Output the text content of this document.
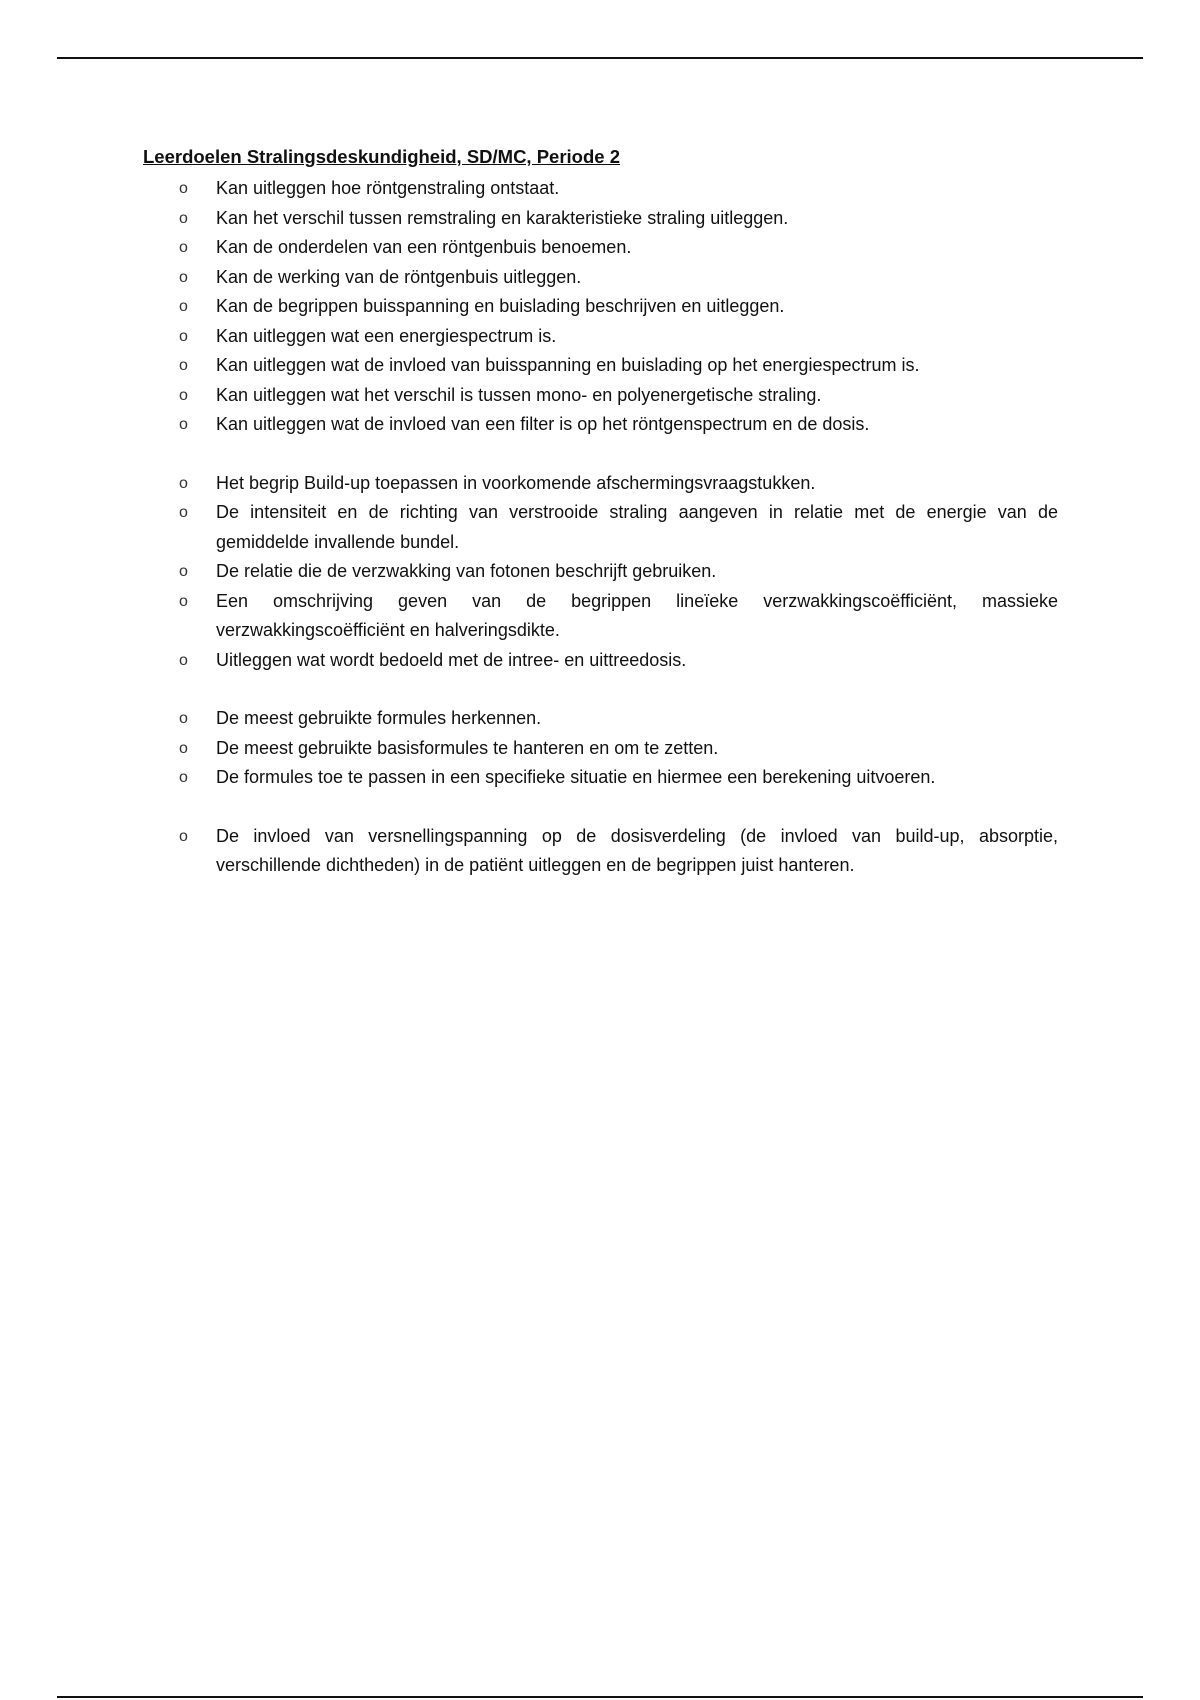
Leerdoelen Stralingsdeskundigheid, SD/MC, Periode 2
o Kan uitleggen hoe röntgenstraling ontstaat.
o Kan het verschil tussen remstraling en karakteristieke straling uitleggen.
o Kan de onderdelen van een röntgenbuis benoemen.
o Kan de werking van de röntgenbuis uitleggen.
o Kan de begrippen buisspanning en buislading beschrijven en uitleggen.
o Kan uitleggen wat een energiespectrum is.
o Kan uitleggen wat de invloed van buisspanning en buislading op het energiespectrum is.
o Kan uitleggen wat het verschil is tussen mono- en polyenergetische straling.
o Kan uitleggen wat de invloed van een filter is op het röntgenspectrum en de dosis.
o Het begrip Build-up toepassen in voorkomende afschermingsvraagstukken.
o De intensiteit en de richting van verstrooide straling aangeven in relatie met de energie van de gemiddelde invallende bundel.
o De relatie die de verzwakking van fotonen beschrijft gebruiken.
o Een omschrijving geven van de begrippen lineïeke verzwakkingscoëfficiënt, massieke verzwakkingscoëfficiënt en halveringsdikte.
o Uitleggen wat wordt bedoeld met de intree- en uittreedosis.
o De meest gebruikte formules herkennen.
o De meest gebruikte basisformules te hanteren en om te zetten.
o De formules toe te passen in een specifieke situatie en hiermee een berekening uitvoeren.
o De invloed van versnellingspanning op de dosisverdeling (de invloed van build-up, absorptie, verschillende dichtheden) in de patiënt uitleggen en de begrippen juist hanteren.
